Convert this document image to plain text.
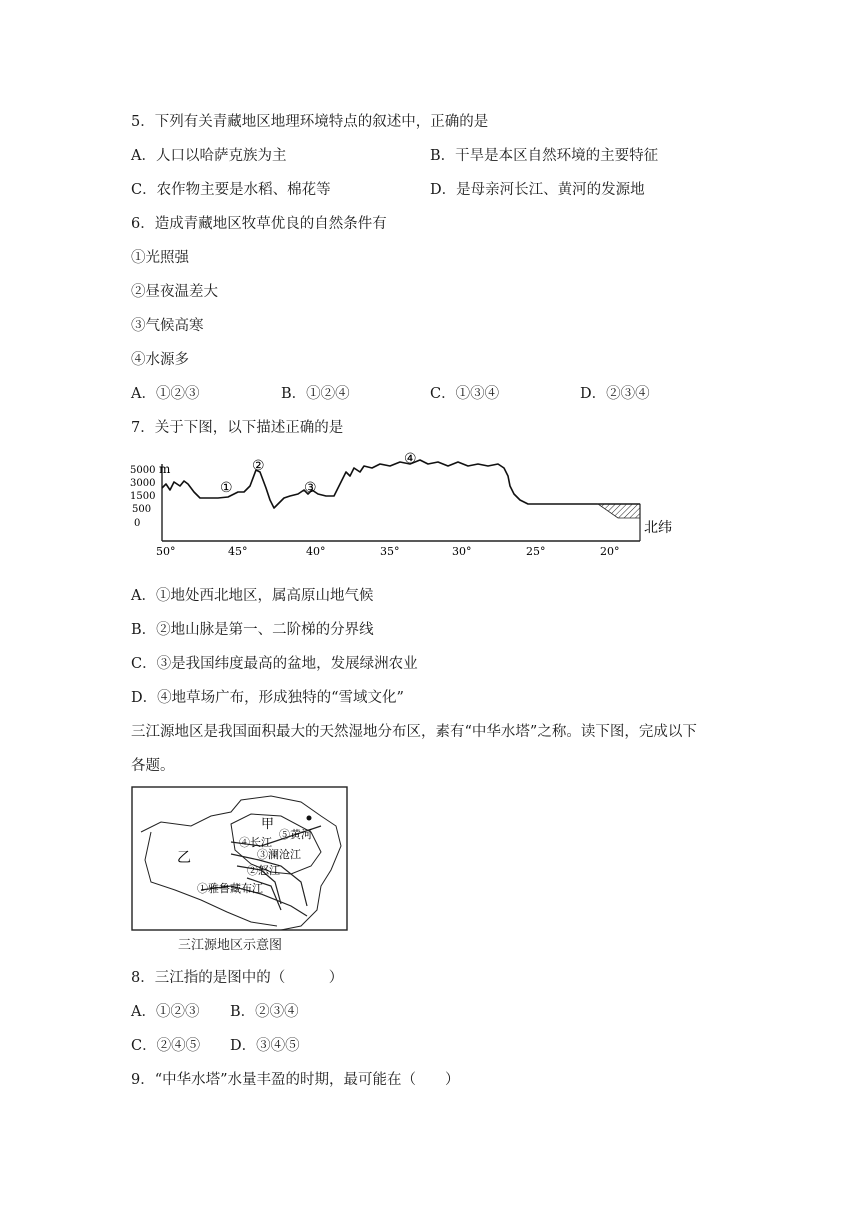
5．下列有关青藏地区地理环境特点的叙述中，正确的是
A．人口以哈萨克族为主	B．干旱是本区自然环境的主要特征
C．农作物主要是水稻、棉花等	D．是母亲河长江、黄河的发源地
6．造成青藏地区牧草优良的自然条件有
①光照强
②昼夜温差大
③气候高寒
④水源多
A．①②③	B．①②④	C．①③④	D．②③④
7．关于下图，以下描述正确的是
5000 m
3000
1500
500
0
①
②
③
④
50°	45°	40°	35°	30°	25°	20°
北纬
A．①地处西北地区，属高原山地气候
B．②地山脉是第一、二阶梯的分界线
C．③是我国纬度最高的盆地，发展绿洲农业
D．④地草场广布，形成独特的“雪域文化”
三江源地区是我国面积最大的天然湿地分布区，素有“中华水塔”之称。读下图，完成以下
各题。
甲
乙
⑤黄河
④长江
③澜沧江
②怒江
①雅鲁藏布江
三江源地区示意图
8．三江指的是图中的（　　　）
A．①②③ B．②③④
C．②④⑤ D．③④⑤
9．“中华水塔”水量丰盈的时期，最可能在（　　）
